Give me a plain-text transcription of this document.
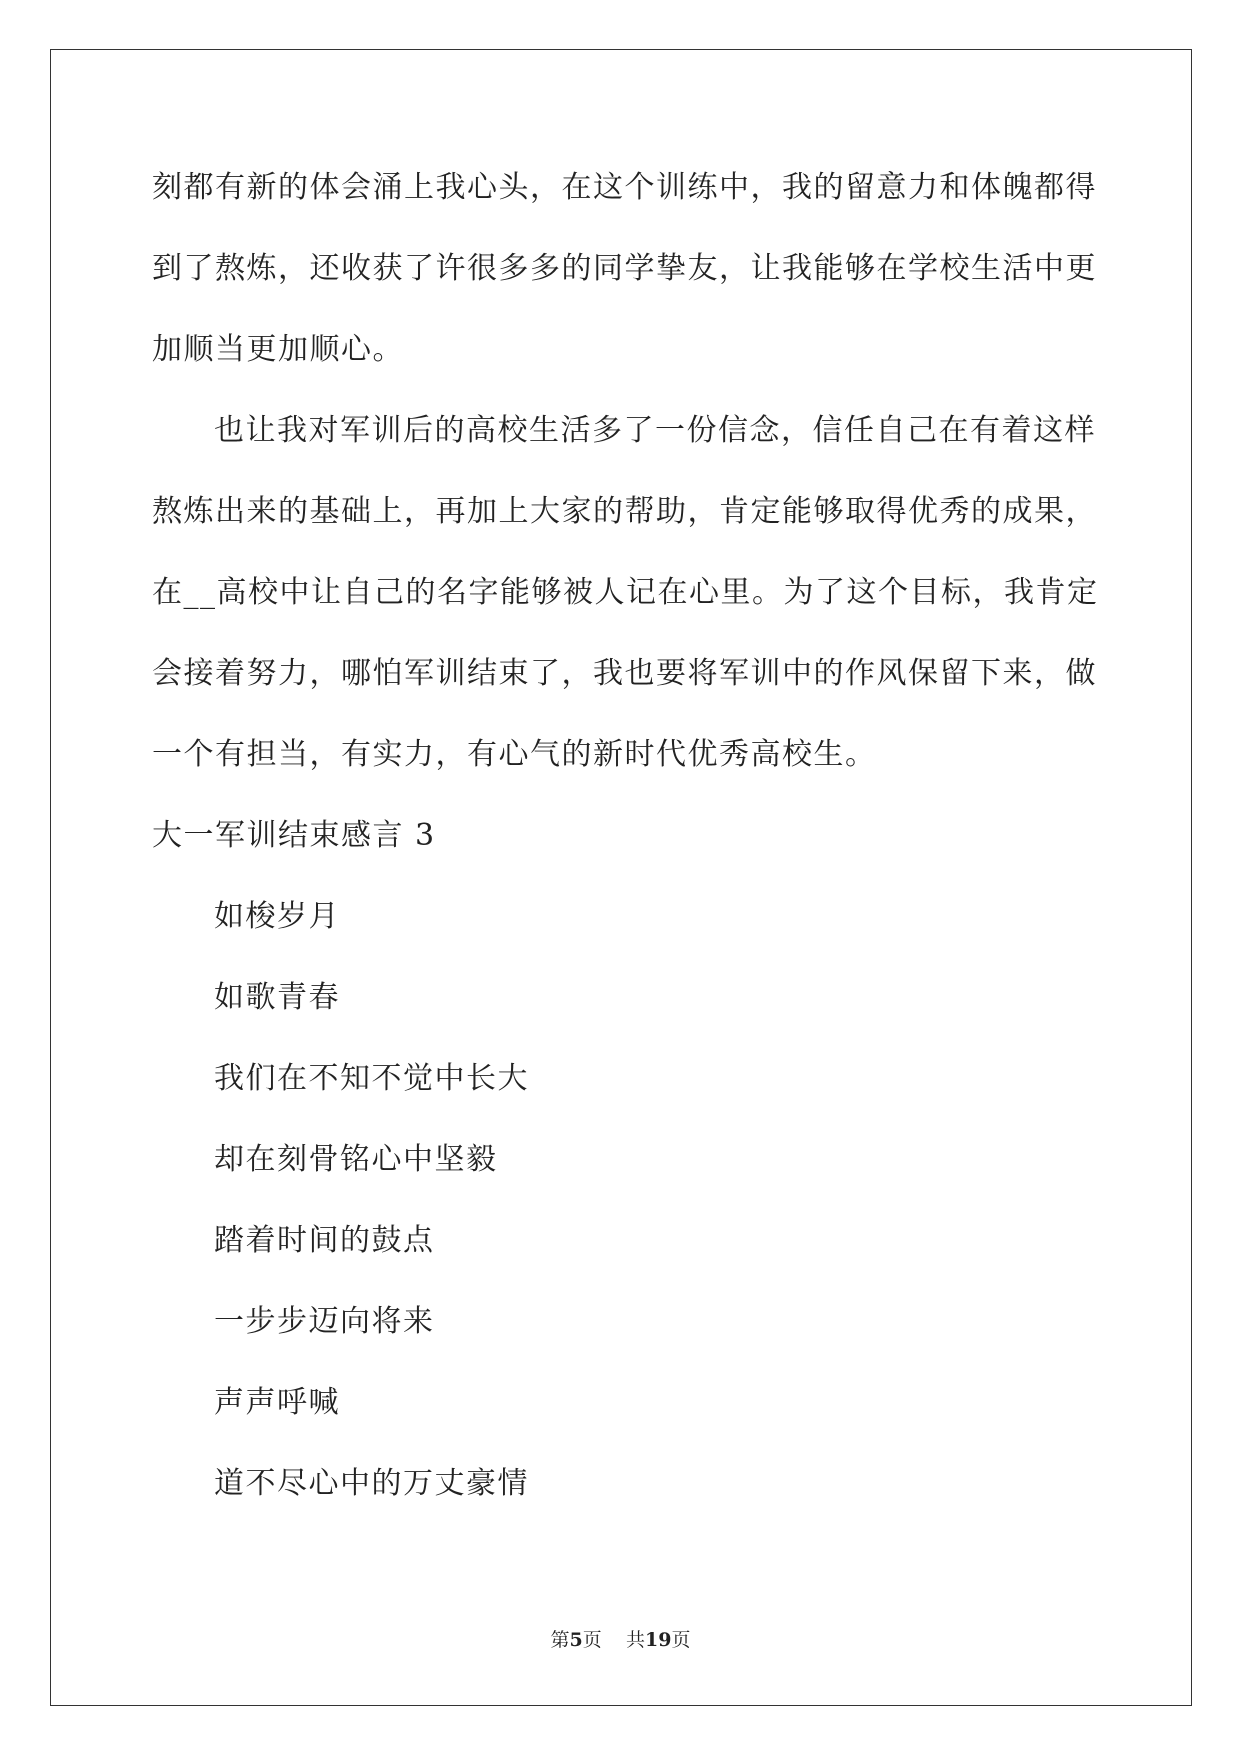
刻都有新的体会涌上我心头，在这个训练中，我的留意力和体魄都得
到了熬炼，还收获了许很多多的同学挚友，让我能够在学校生活中更
加顺当更加顺心。
也让我对军训后的高校生活多了一份信念，信任自己在有着这样
熬炼出来的基础上，再加上大家的帮助，肯定能够取得优秀的成果，
在__高校中让自己的名字能够被人记在心里。为了这个目标，我肯定
会接着努力，哪怕军训结束了，我也要将军训中的作风保留下来，做
一个有担当，有实力，有心气的新时代优秀高校生。
大一军训结束感言 3
如梭岁月
如歌青春
我们在不知不觉中长大
却在刻骨铭心中坚毅
踏着时间的鼓点
一步步迈向将来
声声呼喊
道不尽心中的万丈豪情
第5页 共19页
